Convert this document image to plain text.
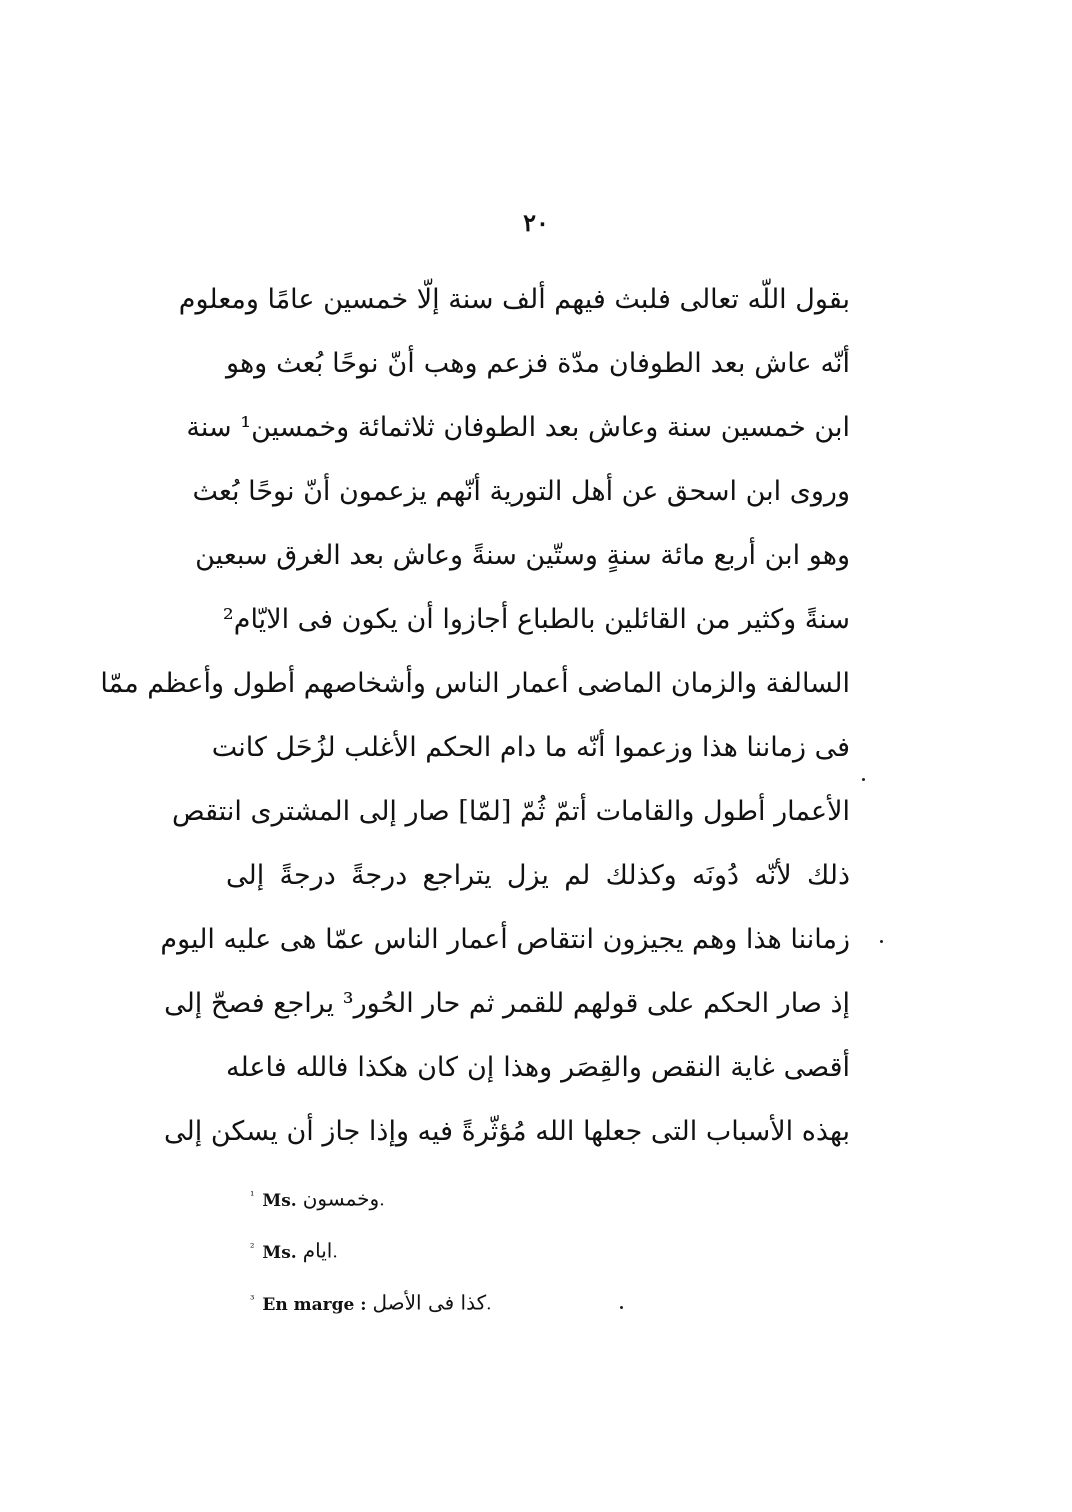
٢٠
بقول اللّه تعالى فلبث فيهم ألف سنة إلّا خمسين عامًا ومعلوم
أنّه عاش بعد الطوفان مدّة فزعم وهب أنّ نوحًا بُعث وهو
ابن خمسين سنة وعاش بعد الطوفان ثلاثمائة وخمسين¹ سنة
وروى ابن اسحق عن أهل التورية أنّهم يزعمون أنّ نوحًا بُعث
وهو ابن أربع مائة سنةٍ وستّين سنةً وعاش بعد الغرق سبعين
سنةً وكثير من القائلين بالطباع أجازوا أن يكون فى الايّام²
السالفة والزمان الماضى أعمار الناس وأشخاصهم أطول وأعظم ممّا
فى زماننا هذا وزعموا أنّه ما دام الحكم الأغلب لزُحَل كانت
الأعمار أطول والقامات أتمّ ثُمّ [لمّا] صار إلى المشترى انتقص
ذلك لأنّه دُونَه وكذلك لم يزل يتراجع درجةً درجةً إلى
زماننا هذا وهم يجيزون انتقاص أعمار الناس عمّا هى عليه اليوم
إذ صار الحكم على قولهم للقمر ثم حار الحُور³ يراجع فصحّ إلى
أقصى غاية النقص والقِصَر وهذا إن كان هكذا فالله فاعله
بهذه الأسباب التى جعلها الله مُؤثّرةً فيه وإذا جاز أن يسكن إلى
$^{^1}$ Ms. وخمسون.
$^{^2}$ Ms. ايام.
$^{^3}$ En marge : كذا فى الأصل.
